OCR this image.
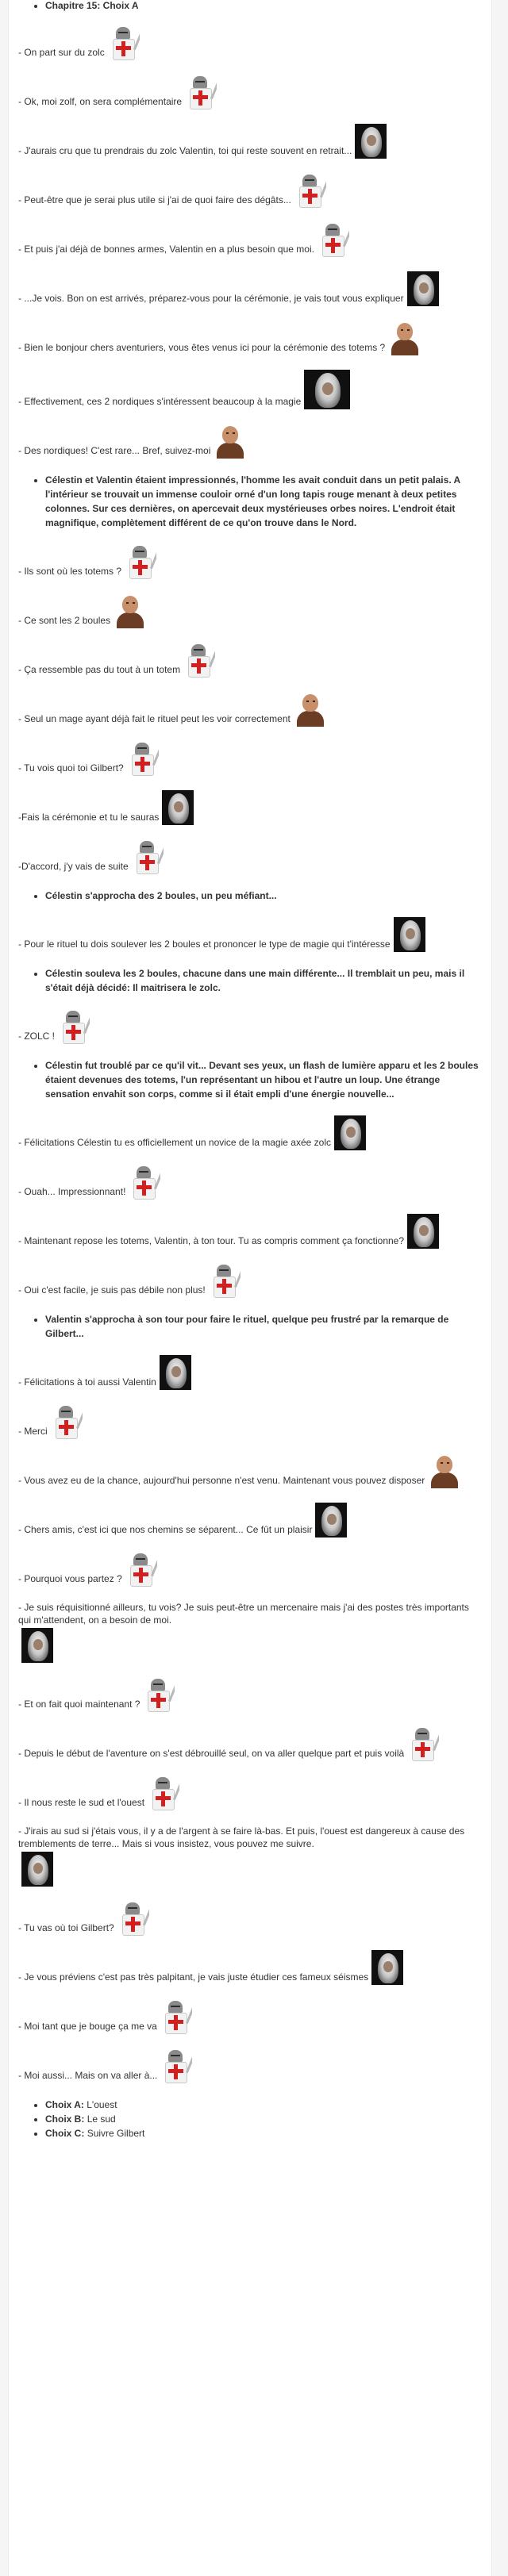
• Chapitre 15: Choix A
- On part sur du zolc
- Ok, moi zolf, on sera complémentaire
- J'aurais cru que tu prendrais du zolc Valentin, toi qui reste souvent en retrait...
- Peut-être que je serai plus utile si j'ai de quoi faire des dégâts...
- Et puis j'ai déjà de bonnes armes, Valentin en a plus besoin que moi.
- ...Je vois. Bon on est arrivés, préparez-vous pour la cérémonie, je vais tout vous expliquer
- Bien le bonjour chers aventuriers, vous êtes venus ici pour la cérémonie des totems ?
- Effectivement, ces 2 nordiques s'intéressent beaucoup à la magie
- Des nordiques! C'est rare... Bref, suivez-moi
• Célestin et Valentin étaient impressionnés, l'homme les avait conduit dans un petit palais. A l'intérieur se trouvait un immense couloir orné d'un long tapis rouge menant à deux petites colonnes. Sur ces dernières, on apercevait deux mystérieuses orbes noires. L'endroit était magnifique, complètement différent de ce qu'on trouve dans le Nord.
- Ils sont où les totems ?
- Ce sont les 2 boules
- Ça ressemble pas du tout à un totem
- Seul un mage ayant déjà fait le rituel peut les voir correctement
- Tu vois quoi toi Gilbert?
-Fais la cérémonie et tu le sauras
-D'accord, j'y vais de suite
• Célestin s'approcha des 2 boules, un peu méfiant...
- Pour le rituel tu dois soulever les 2 boules et prononcer le type de magie qui t'intéresse
• Célestin souleva les 2 boules, chacune dans une main différente... Il tremblait un peu, mais il s'était déjà décidé: Il maitrisera le zolc.
- ZOLC !
• Célestin fut troublé par ce qu'il vit... Devant ses yeux, un flash de lumière apparu et les 2 boules étaient devenues des totems, l'un représentant un hibou et l'autre un loup. Une étrange sensation envahit son corps, comme si il était empli d'une énergie nouvelle...
- Félicitations Célestin tu es officiellement un novice de la magie axée zolc
- Ouah... Impressionnant!
- Maintenant repose les totems, Valentin, à ton tour. Tu as compris comment ça fonctionne?
- Oui c'est facile, je suis pas débile non plus!
• Valentin s'approcha à son tour pour faire le rituel, quelque peu frustré par la remarque de Gilbert...
- Félicitations à toi aussi Valentin
- Merci
- Vous avez eu de la chance, aujourd'hui personne n'est venu. Maintenant vous pouvez disposer
- Chers amis, c'est ici que nos chemins se séparent... Ce fût un plaisir
- Pourquoi vous partez ?
- Je suis réquisitionné ailleurs, tu vois? Je suis peut-être un mercenaire mais j'ai des postes très importants qui m'attendent, on a besoin de moi.
- Et on fait quoi maintenant ?
- Depuis le début de l'aventure on s'est débrouillé seul, on va aller quelque part et puis voilà
- Il nous reste le sud et l'ouest
- J'irais au sud si j'étais vous, il y a de l'argent à se faire là-bas. Et puis, l'ouest est dangereux à cause des tremblements de terre... Mais si vous insistez, vous pouvez me suivre.
- Tu vas où toi Gilbert?
- Je vous préviens c'est pas très palpitant, je vais juste étudier ces fameux séismes
- Moi tant que je bouge ça me va
- Moi aussi... Mais on va aller à...
• Choix A: L'ouest
• Choix B: Le sud
• Choix C: Suivre Gilbert
